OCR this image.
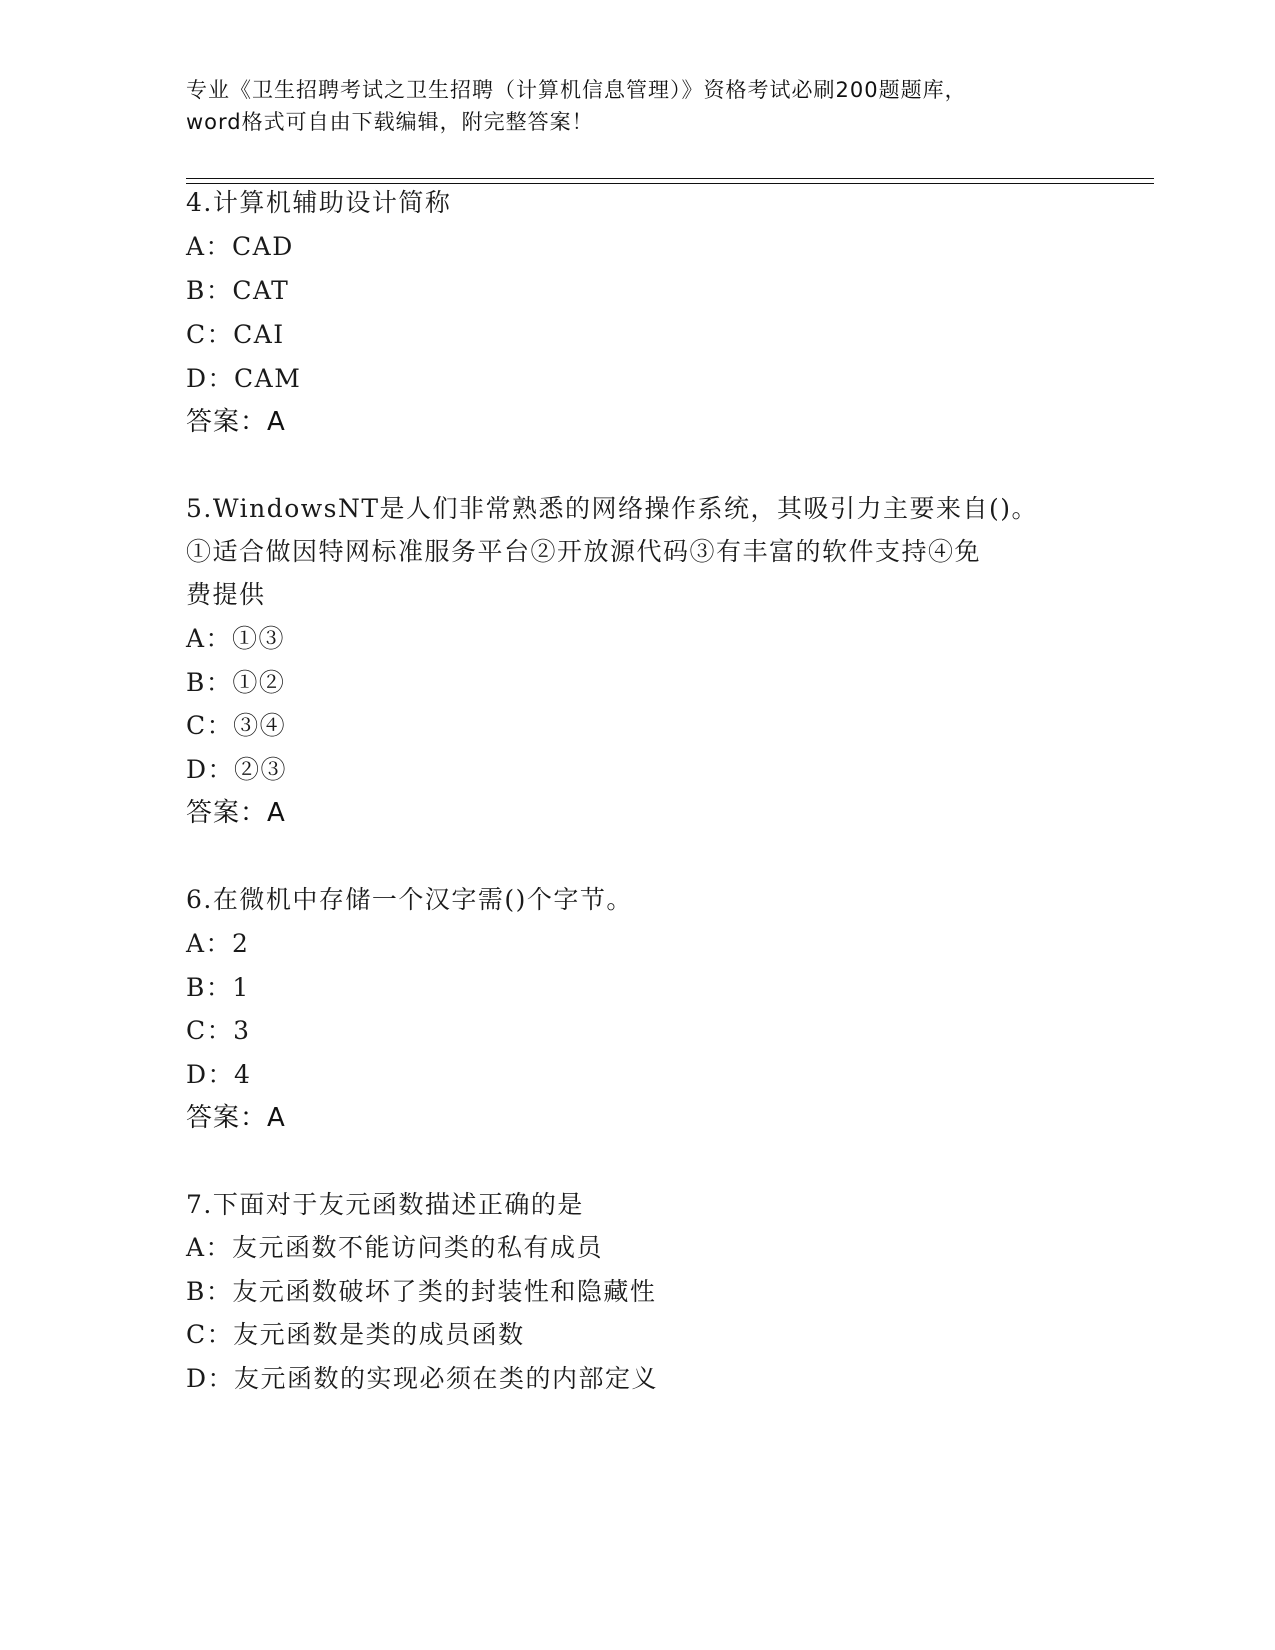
专业《卫生招聘考试之卫生招聘（计算机信息管理）》资格考试必刷200题题库，
word格式可自由下载编辑，附完整答案！
4.计算机辅助设计简称
A：CAD
B：CAT
C：CAI
D：CAM
答案：A
5.WindowsNT是人们非常熟悉的网络操作系统，其吸引力主要来自()。
①适合做因特网标准服务平台②开放源代码③有丰富的软件支持④免
费提供
A：①③
B：①②
C：③④
D：②③
答案：A
6.在微机中存储一个汉字需()个字节。
A：2
B：1
C：3
D：4
答案：A
7.下面对于友元函数描述正确的是
A：友元函数不能访问类的私有成员
B：友元函数破坏了类的封装性和隐藏性
C：友元函数是类的成员函数
D：友元函数的实现必须在类的内部定义
